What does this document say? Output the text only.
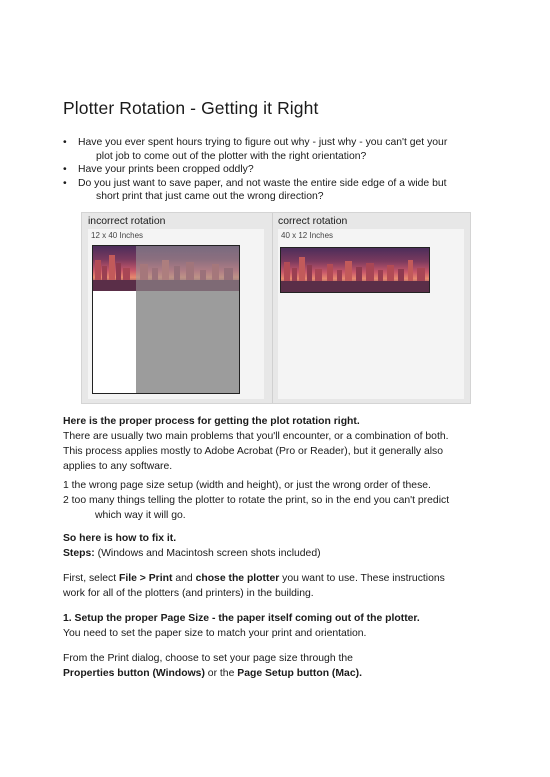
Plotter Rotation - Getting it Right
• Have you ever spent hours trying to figure out why - just why - you can't get your
plot job to come out of the plotter with the right orientation?
• Have your prints been cropped oddly?
• Do you just want to save paper, and not waste the entire side edge of a wide but
short print that just came out the wrong direction?
incorrect rotation
12 x 40 Inches
correct rotation
40 x 12 Inches
Here is the proper process for getting the plot rotation right.
There are usually two main problems that you'll encounter, or a combination of both.
This process applies mostly to Adobe Acrobat (Pro or Reader), but it generally also
applies to any software.
1 the wrong page size setup (width and height), or just the wrong order of these.
2 too many things telling the plotter to rotate the print, so in the end you can't predict
which way it will go.
So here is how to fix it.
Steps: (Windows and Macintosh screen shots included)
First, select File > Print and chose the plotter you want to use. These instructions
work for all of the plotters (and printers) in the building.
1. Setup the proper Page Size - the paper itself coming out of the plotter.
You need to set the paper size to match your print and orientation.
From the Print dialog, choose to set your page size through the
Properties button (Windows) or the Page Setup button (Mac).
